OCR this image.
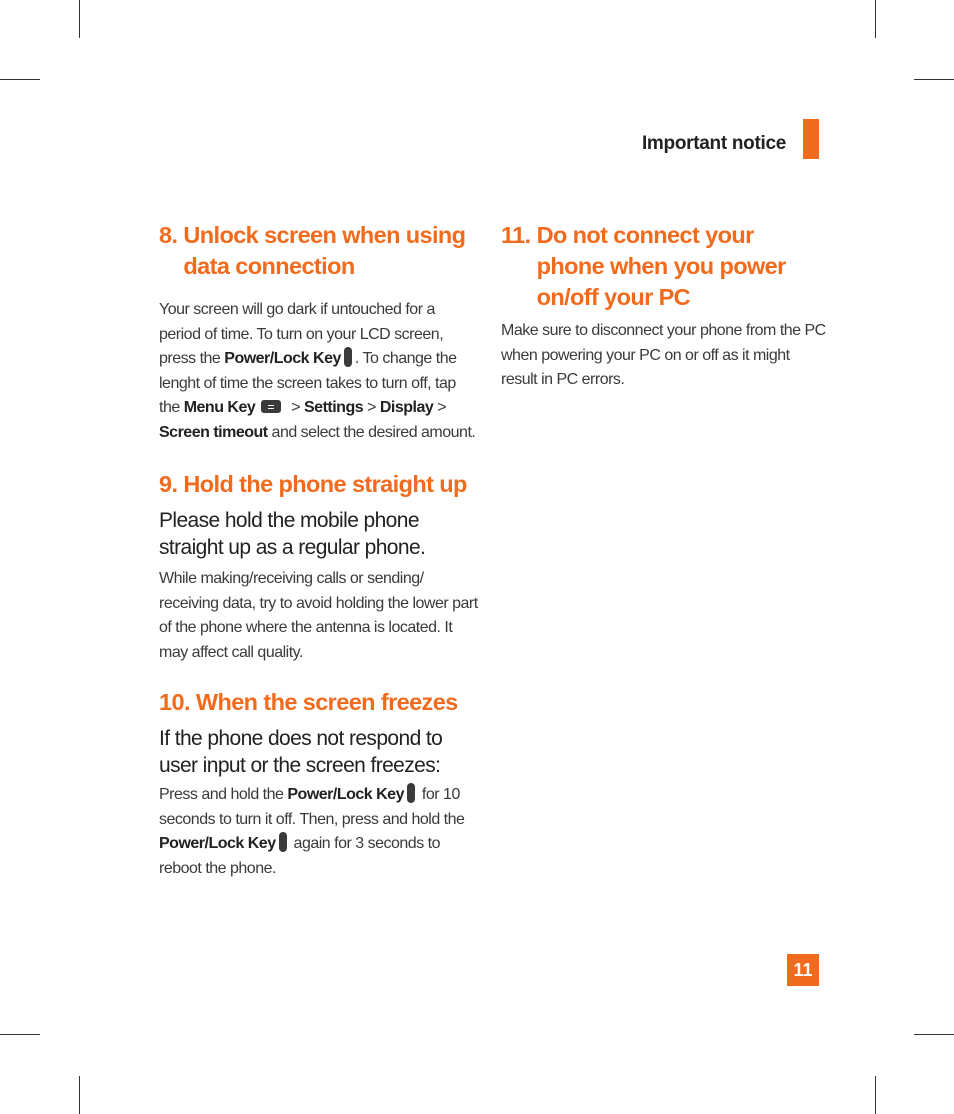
Important notice
8. Unlock screen when using data connection

Your screen will go dark if untouched for a period of time. To turn on your LCD screen, press the Power/Lock Key . To change the lenght of time the screen takes to turn off, tap the Menu Key > Settings > Display > Screen timeout and select the desired amount.

9. Hold the phone straight up

Please hold the mobile phone straight up as a regular phone.

While making/receiving calls or sending/ receiving data, try to avoid holding the lower part of the phone where the antenna is located. It may affect call quality.

10. When the screen freezes

If the phone does not respond to user input or the screen freezes:

Press and hold the Power/Lock Key for 10 seconds to turn it off. Then, press and hold the Power/Lock Key again for 3 seconds to reboot the phone.

11. Do not connect your phone when you power on/off your PC

Make sure to disconnect your phone from the PC when powering your PC on or off as it might result in PC errors.

11
